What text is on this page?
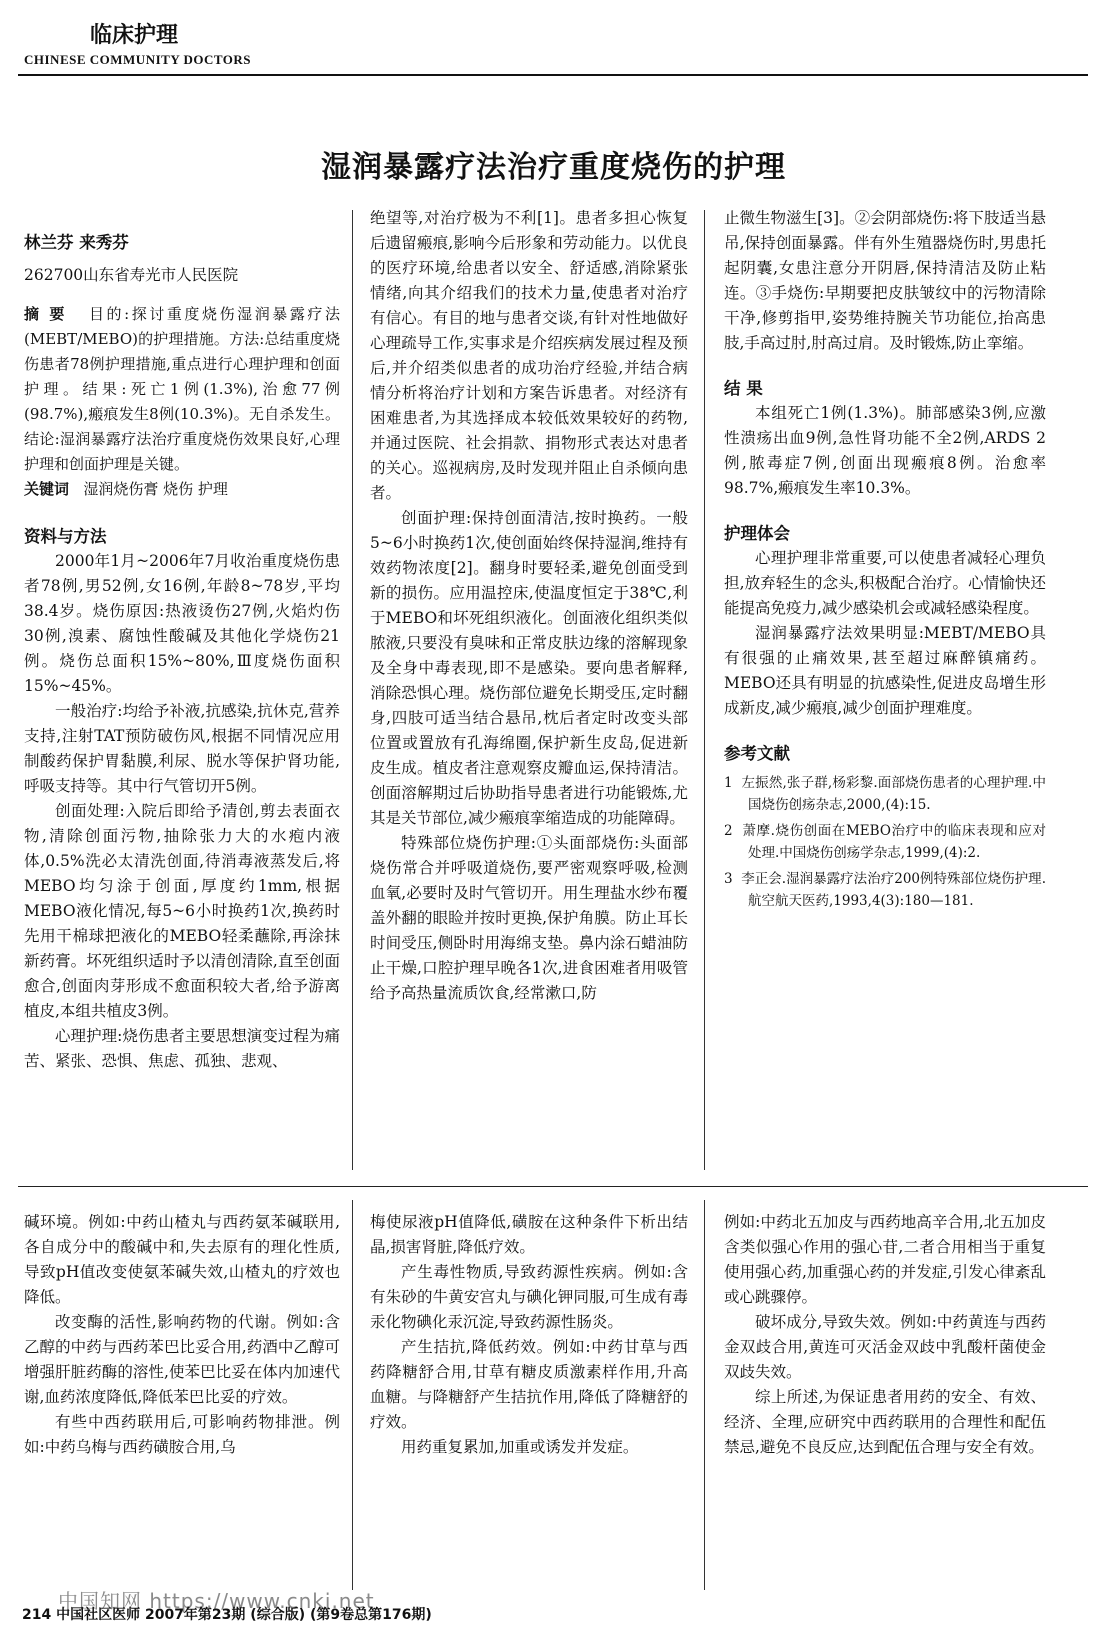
临床护理
CHINESE COMMUNITY DOCTORS
湿润暴露疗法治疗重度烧伤的护理

林兰芬 来秀芬

262700山东省寿光市人民医院

摘 要 目的:探讨重度烧伤湿润暴露疗法(MEBT/MEBO)的护理措施。方法:总结重度烧伤患者78例护理措施,重点进行心理护理和创面护理。结果:死亡1例(1.3%),治愈77例(98.7%),瘢痕发生8例(10.3%)。无自杀发生。结论:湿润暴露疗法治疗重度烧伤效果良好,心理护理和创面护理是关键。

关键词 湿润烧伤膏 烧伤 护理

资料与方法

2000年1月~2006年7月收治重度烧伤患者78例,男52例,女16例,年龄8~78岁,平均38.4岁。烧伤原因:热液烫伤27例,火焰灼伤30例,溴素、腐蚀性酸碱及其他化学烧伤21例。烧伤总面积15%~80%,Ⅲ度烧伤面积15%~45%。

一般治疗:均给予补液,抗感染,抗休克,营养支持,注射TAT预防破伤风,根据不同情况应用制酸药保护胃黏膜,利尿、脱水等保护肾功能,呼吸支持等。其中行气管切开5例。

创面处理:入院后即给予清创,剪去表面衣物,清除创面污物,抽除张力大的水疱内液体,0.5%洗必太清洗创面,待消毒液蒸发后,将MEBO均匀涂于创面,厚度约1mm,根据MEBO液化情况,每5~6小时换药1次,换药时先用干棉球把液化的MEBO轻柔蘸除,再涂抹新药膏。坏死组织适时予以清创清除,直至创面愈合,创面肉芽形成不愈面积较大者,给予游离植皮,本组共植皮3例。

心理护理:烧伤患者主要思想演变过程为痛苦、紧张、恐惧、焦虑、孤独、悲观、

绝望等,对治疗极为不利[1]。患者多担心恢复后遗留瘢痕,影响今后形象和劳动能力。以优良的医疗环境,给患者以安全、舒适感,消除紧张情绪,向其介绍我们的技术力量,使患者对治疗有信心。有目的地与患者交谈,有针对性地做好心理疏导工作,实事求是介绍疾病发展过程及预后,并介绍类似患者的成功治疗经验,并结合病情分析将治疗计划和方案告诉患者。对经济有困难患者,为其选择成本较低效果较好的药物,并通过医院、社会捐款、捐物形式表达对患者的关心。巡视病房,及时发现并阻止自杀倾向患者。

创面护理:保持创面清洁,按时换药。一般5~6小时换药1次,使创面始终保持湿润,维持有效药物浓度[2]。翻身时要轻柔,避免创面受到新的损伤。应用温控床,使温度恒定于38℃,利于MEBO和坏死组织液化。创面液化组织类似脓液,只要没有臭味和正常皮肤边缘的溶解现象及全身中毒表现,即不是感染。要向患者解释,消除恐惧心理。烧伤部位避免长期受压,定时翻身,四肢可适当结合悬吊,枕后者定时改变头部位置或置放有孔海绵圈,保护新生皮岛,促进新皮生成。植皮者注意观察皮瓣血运,保持清洁。创面溶解期过后协助指导患者进行功能锻炼,尤其是关节部位,减少瘢痕挛缩造成的功能障碍。

特殊部位烧伤护理:①头面部烧伤:头面部烧伤常合并呼吸道烧伤,要严密观察呼吸,检测血氧,必要时及时气管切开。用生理盐水纱布覆盖外翻的眼睑并按时更换,保护角膜。防止耳长时间受压,侧卧时用海绵支垫。鼻内涂石蜡油防止干燥,口腔护理早晚各1次,进食困难者用吸管给予高热量流质饮食,经常漱口,防

止微生物滋生[3]。②会阴部烧伤:将下肢适当悬吊,保持创面暴露。伴有外生殖器烧伤时,男患托起阴囊,女患注意分开阴唇,保持清洁及防止粘连。③手烧伤:早期要把皮肤皱纹中的污物清除干净,修剪指甲,姿势维持腕关节功能位,抬高患肢,手高过肘,肘高过肩。及时锻炼,防止挛缩。

结 果

本组死亡1例(1.3%)。肺部感染3例,应激性溃疡出血9例,急性肾功能不全2例,ARDS 2例,脓毒症7例,创面出现瘢痕8例。治愈率98.7%,瘢痕发生率10.3%。

护理体会

心理护理非常重要,可以使患者减轻心理负担,放弃轻生的念头,积极配合治疗。心情愉快还能提高免疫力,减少感染机会或减轻感染程度。

湿润暴露疗法效果明显:MEBT/MEBO具有很强的止痛效果,甚至超过麻醉镇痛药。MEBO还具有明显的抗感染性,促进皮岛增生形成新皮,减少瘢痕,减少创面护理难度。

参考文献

1 左振然,张子群,杨彩黎.面部烧伤患者的心理护理.中国烧伤创疡杂志,2000,(4):15.

2 萧摩.烧伤创面在MEBO治疗中的临床表现和应对处理.中国烧伤创疡学杂志,1999,(4):2.

3 李正会.湿润暴露疗法治疗200例特殊部位烧伤护理.航空航天医药,1993,4(3):180—181.

碱环境。例如:中药山楂丸与西药氨苯碱联用,各自成分中的酸碱中和,失去原有的理化性质,导致pH值改变使氨苯碱失效,山楂丸的疗效也降低。

改变酶的活性,影响药物的代谢。例如:含乙醇的中药与西药苯巴比妥合用,药酒中乙醇可增强肝脏药酶的溶性,使苯巴比妥在体内加速代谢,血药浓度降低,降低苯巴比妥的疗效。

有些中西药联用后,可影响药物排泄。例如:中药乌梅与西药磺胺合用,乌

梅使尿液pH值降低,磺胺在这种条件下析出结晶,损害肾脏,降低疗效。

产生毒性物质,导致药源性疾病。例如:含有朱砂的牛黄安宫丸与碘化钾同服,可生成有毒汞化物碘化汞沉淀,导致药源性肠炎。

产生拮抗,降低药效。例如:中药甘草与西药降糖舒合用,甘草有糖皮质激素样作用,升高血糖。与降糖舒产生拮抗作用,降低了降糖舒的疗效。

用药重复累加,加重或诱发并发症。

例如:中药北五加皮与西药地高辛合用,北五加皮含类似强心作用的强心苷,二者合用相当于重复使用强心药,加重强心药的并发症,引发心律紊乱或心跳骤停。

破坏成分,导致失效。例如:中药黄连与西药金双歧合用,黄连可灭活金双歧中乳酸杆菌使金双歧失效。

综上所述,为保证患者用药的安全、有效、经济、全理,应研究中西药联用的合理性和配伍禁忌,避免不良反应,达到配伍合理与安全有效。

中国知网 https://www.cnki.net
214 中国社区医师 2007年第23期 (综合版) (第9卷总第176期)
